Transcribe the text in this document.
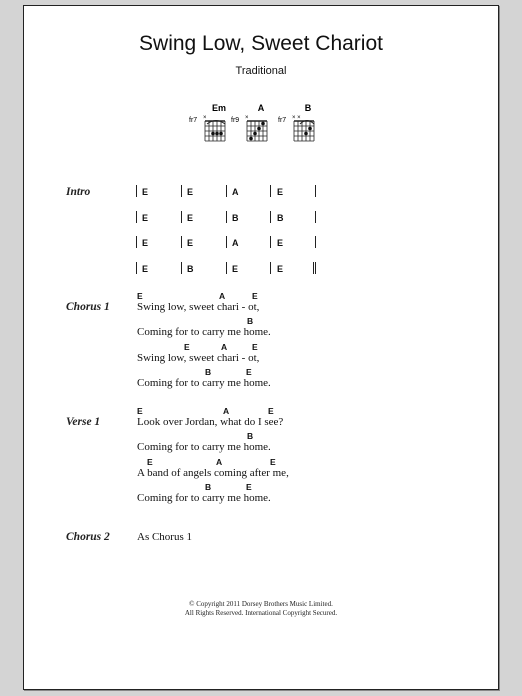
Swing Low, Sweet Chariot
Traditional
Em
fr7 ×
A
fr9 ×
B
fr7 × ×
Intro	E	E	A	E
E	E	B	B
E	E	A	E
E	B	E	E
Chorus 1
E	A	E
Swing low, sweet chari - ot,
B
Coming for to carry me home.
E	A	E
Swing low, sweet chari - ot,
B	E
Coming for to carry me home.
Verse 1
E	A	E
Look over Jordan, what do I see?
B
Coming for to carry me home.
E	A	E
A band of angels coming after me,
B	E
Coming for to carry me home.
Chorus 2 As Chorus 1
© Copyright 2011 Dorsey Brothers Music Limited.
All Rights Reserved. International Copyright Secured.
